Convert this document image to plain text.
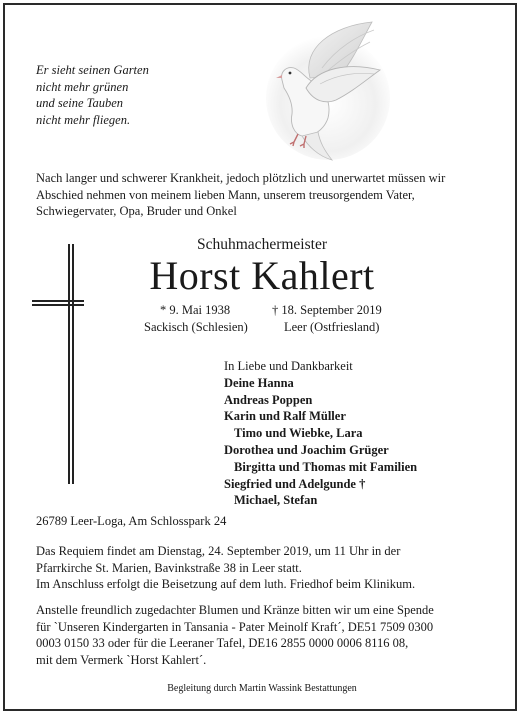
Er sieht seinen Garten
nicht mehr grünen
und seine Tauben
nicht mehr fliegen.
Nach langer und schwerer Krankheit, jedoch plötzlich und unerwartet müssen wir
Abschied nehmen von meinem lieben Mann, unserem treusorgendem Vater,
Schwiegervater, Opa, Bruder und Onkel
Schuhmachermeister
Horst Kahlert
* 9. Mai 1938
Sackisch (Schlesien)
† 18. September 2019
Leer (Ostfriesland)
In Liebe und Dankbarkeit
Deine Hanna
Andreas Poppen
Karin und Ralf Müller
Timo und Wiebke, Lara
Dorothea und Joachim Grüger
Birgitta und Thomas mit Familien
Siegfried und Adelgunde †
Michael, Stefan
26789 Leer-Loga, Am Schlosspark 24
Das Requiem findet am Dienstag, 24. September 2019, um 11 Uhr in der
Pfarrkirche St. Marien, Bavinkstraße 38 in Leer statt.
Im Anschluss erfolgt die Beisetzung auf dem luth. Friedhof beim Klinikum.
Anstelle freundlich zugedachter Blumen und Kränze bitten wir um eine Spende
für `Unseren Kindergarten in Tansania - Pater Meinolf Kraft´, DE51 7509 0300
0003 0150 33 oder für die Leeraner Tafel, DE16 2855 0000 0006 8116 08,
mit dem Vermerk `Horst Kahlert´.
Begleitung durch Martin Wassink Bestattungen
